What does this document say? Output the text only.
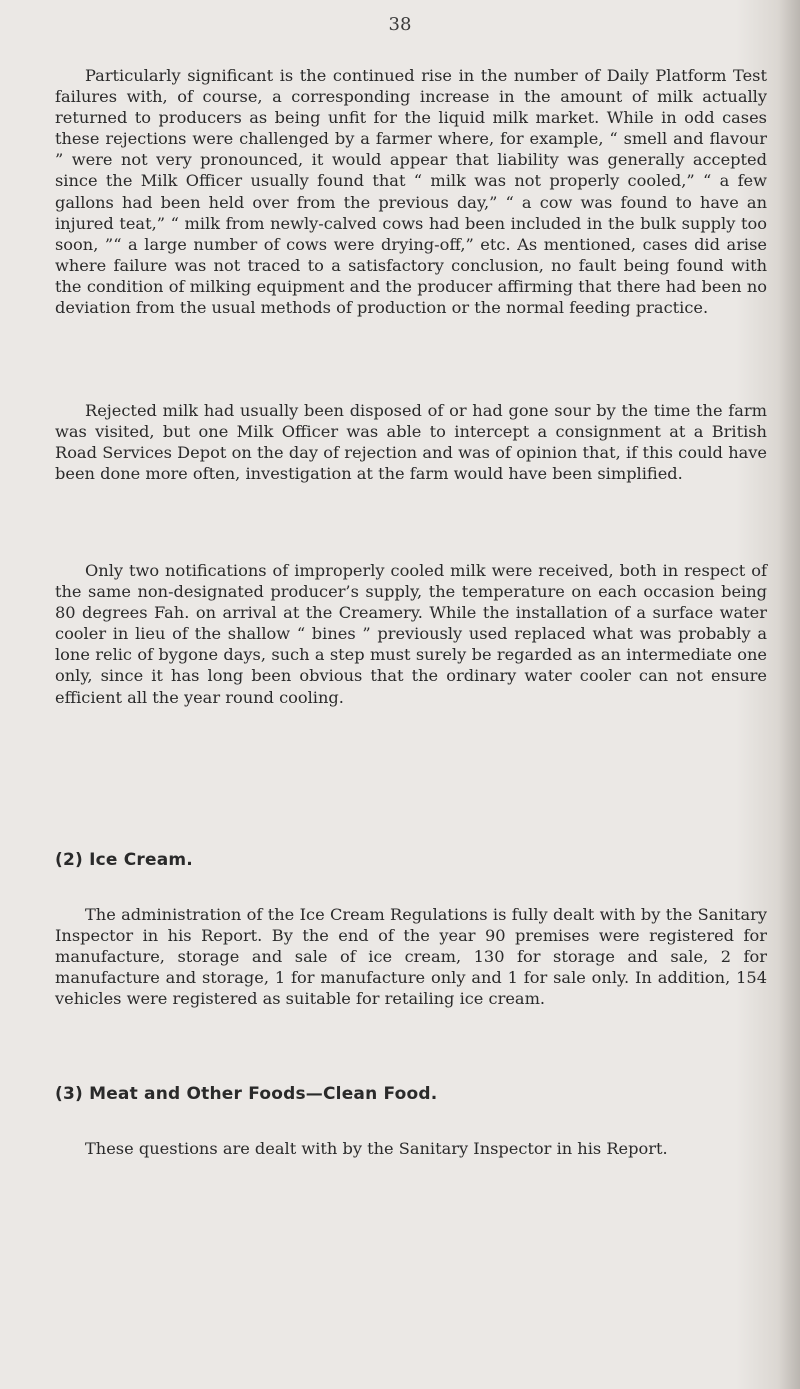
38

Particularly significant is the continued rise in the number of Daily Platform Test failures with, of course, a corresponding increase in the amount of milk actually returned to producers as being unfit for the liquid milk market. While in odd cases these rejections were challenged by a farmer where, for example, “ smell and flavour ” were not very pronounced, it would appear that liability was generally accepted since the Milk Officer usually found that “ milk was not properly cooled,” “ a few gallons had been held over from the previous day,” “ a cow was found to have an injured teat,” “ milk from newly-calved cows had been included in the bulk supply too soon, ”“ a large number of cows were drying-off,” etc. As mentioned, cases did arise where failure was not traced to a satisfactory conclusion, no fault being found with the condition of milking equipment and the producer affirming that there had been no deviation from the usual methods of production or the normal feeding practice.

Rejected milk had usually been disposed of or had gone sour by the time the farm was visited, but one Milk Officer was able to intercept a consignment at a British Road Services Depot on the day of rejection and was of opinion that, if this could have been done more often, investigation at the farm would have been simplified.

Only two notifications of improperly cooled milk were received, both in respect of the same non-designated producer’s supply, the temperature on each occasion being 80 degrees Fah. on arrival at the Creamery. While the installation of a surface water cooler in lieu of the shallow “ bines ” previously used replaced what was probably a lone relic of bygone days, such a step must surely be regarded as an intermediate one only, since it has long been obvious that the ordinary water cooler can not ensure efficient all the year round cooling.

(2) Ice Cream.

The administration of the Ice Cream Regulations is fully dealt with by the Sanitary Inspector in his Report. By the end of the year 90 premises were registered for manufacture, storage and sale of ice cream, 130 for storage and sale, 2 for manufacture and storage, 1 for manufacture only and 1 for sale only. In addition, 154 vehicles were registered as suitable for retailing ice cream.

(3) Meat and Other Foods—Clean Food.

These questions are dealt with by the Sanitary Inspector in his Report.
